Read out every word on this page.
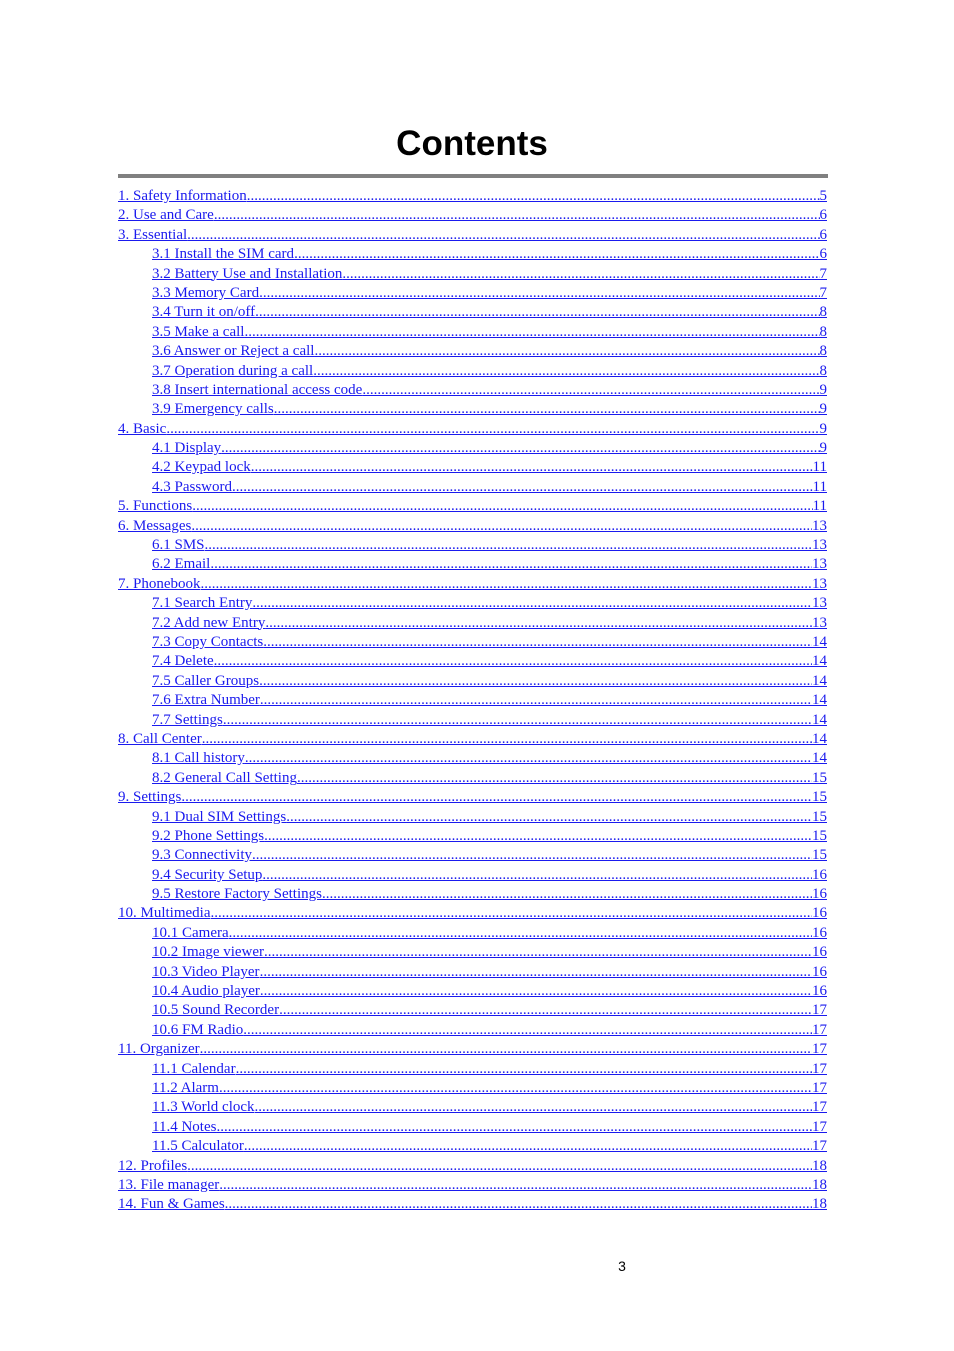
Contents
1. Safety Information .....	5
2. Use and Care .....	6
3. Essential .....	6
3.1 Install the SIM card .....	6
3.2 Battery Use and Installation .....	7
3.3 Memory Card .....	7
3.4 Turn it on/off .....	8
3.5 Make a call .....	8
3.6 Answer or Reject a call .....	8
3.7 Operation during a call .....	8
3.8 Insert international access code .....	9
3.9 Emergency calls .....	9
4. Basic .....	9
4.1 Display .....	9
4.2 Keypad lock .....	11
4.3 Password .....	11
5. Functions .....	11
6. Messages .....	13
6.1 SMS .....	13
6.2 Email .....	13
7. Phonebook .....	13
7.1 Search Entry .....	13
7.2 Add new Entry .....	13
7.3 Copy Contacts .....	14
7.4 Delete .....	14
7.5 Caller Groups .....	14
7.6 Extra Number .....	14
7.7 Settings .....	14
8. Call Center .....	14
8.1 Call history .....	14
8.2 General Call Setting .....	15
9. Settings .....	15
9.1 Dual SIM Settings .....	15
9.2 Phone Settings .....	15
9.3 Connectivity .....	15
9.4 Security Setup .....	16
9.5 Restore Factory Settings .....	16
10. Multimedia .....	16
10.1 Camera .....	16
10.2 Image viewer .....	16
10.3 Video Player .....	16
10.4 Audio player .....	16
10.5 Sound Recorder .....	17
10.6 FM Radio .....	17
11. Organizer .....	17
11.1 Calendar .....	17
11.2 Alarm .....	17
11.3 World clock .....	17
11.4 Notes .....	17
11.5 Calculator .....	17
12. Profiles .....	18
13. File manager .....	18
14. Fun & Games .....	18
3
